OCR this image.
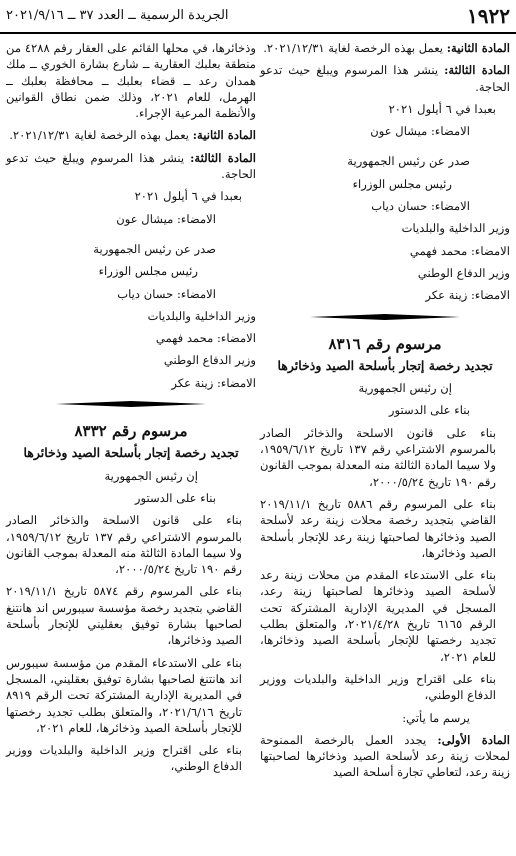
١٩٢٢
الجريدة الرسمية ــ العدد ٣٧ ــ ٢٠٢١/٩/١٦

المادة الثانية: يعمل بهذه الرخصة لغاية ٢٠٢١/١٢/٣١.

المادة الثالثة: ينشر هذا المرسوم ويبلغ حيث تدعو الحاجة.

بعبدا في ٦ أيلول ٢٠٢١

الامضاء: ميشال عون

صدر عن رئيس الجمهورية

رئيس مجلس الوزراء

الامضاء: حسان دياب

وزير الداخلية والبلديات

الامضاء: محمد فهمي

وزير الدفاع الوطني

الامضاء: زينة عكر

مرسوم رقم ٨٣١٦

تجديد رخصة إتجار بأسلحة الصيد وذخائرها

إن رئيس الجمهورية

بناء على الدستور

بناء على قانون الاسلحة والذخائر الصادر بالمرسوم الاشتراعي رقم ١٣٧ تاريخ ١٩٥٩/٦/١٢، ولا سيما المادة الثالثة منه المعدلة بموجب القانون رقم ١٩٠ تاريخ ٢٠٠٠/٥/٢٤،

بناء على المرسوم رقم ٥٨٨٦ تاريخ ٢٠١٩/١١/١ القاضي بتجديد رخصة محلات زينة رعد لأسلحة الصيد وذخائرها لصاحبتها زينة رعد للإتجار بأسلحة الصيد وذخائرها،

بناء على الاستدعاء المقدم من محلات زينة رعد لأسلحة الصيد وذخائرها لصاحبتها زينة رعد، المسجل في المديرية الإدارية المشتركة تحت الرقم ٦١٦٥ تاريخ ٢٠٢١/٤/٢٨، والمتعلق بطلب تجديد رخصتها للإتجار بأسلحة الصيد وذخائرها، للعام ٢٠٢١،

بناء على اقتراح وزير الداخلية والبلديات ووزير الدفاع الوطني،

يرسم ما يأتي:

المادة الأولى: يجدد العمل بالرخصة الممنوحة لمحلات زينة رعد لأسلحة الصيد وذخائرها لصاحبتها زينة رعد، لتعاطي تجارة أسلحة الصيد

وذخائرها، في محلها القائم على العقار رقم ٤٢٨٨ من منطقة بعلبك العقارية ــ شارع بشارة الخوري ــ ملك همدان رعد ــ قضاء بعلبك ــ محافظة بعلبك ــ الهرمل، للعام ٢٠٢١، وذلك ضمن نطاق القوانين والأنظمة المرعية الإجراء.

المادة الثانية: يعمل بهذه الرخصة لغاية ٢٠٢١/١٢/٣١.

المادة الثالثة: ينشر هذا المرسوم ويبلغ حيث تدعو الحاجة.

بعبدا في ٦ أيلول ٢٠٢١

الامضاء: ميشال عون

صدر عن رئيس الجمهورية

رئيس مجلس الوزراء

الامضاء: حسان دياب

وزير الداخلية والبلديات

الامضاء: محمد فهمي

وزير الدفاع الوطني

الامضاء: زينة عكر

مرسوم رقم ٨٣٣٢

تجديد رخصة إتجار بأسلحة الصيد وذخائرها

إن رئيس الجمهورية

بناء على الدستور

بناء على قانون الاسلحة والذخائر الصادر بالمرسوم الاشتراعي رقم ١٣٧ تاريخ ١٩٥٩/٦/١٢، ولا سيما المادة الثالثة منه المعدلة بموجب القانون رقم ١٩٠ تاريخ ٢٠٠٠/٥/٢٤،

بناء على المرسوم رقم ٥٨٧٤ تاريخ ٢٠١٩/١١/١ القاضي بتجديد رخصة مؤسسة سيبورس اند هانتنغ لصاحبها بشارة توفيق بعقليني للإتجار بأسلحة الصيد وذخائرها،

بناء على الاستدعاء المقدم من مؤسسة سيبورس اند هانتنغ لصاحبها بشارة توفيق بعقليني، المسجل في المديرية الإدارية المشتركة تحت الرقم ٨٩١٩ تاريخ ٢٠٢١/٦/١٦، والمتعلق بطلب تجديد رخصتها للإتجار بأسلحة الصيد وذخائرها، للعام ٢٠٢١،

بناء على اقتراح وزير الداخلية والبلديات ووزير الدفاع الوطني،
